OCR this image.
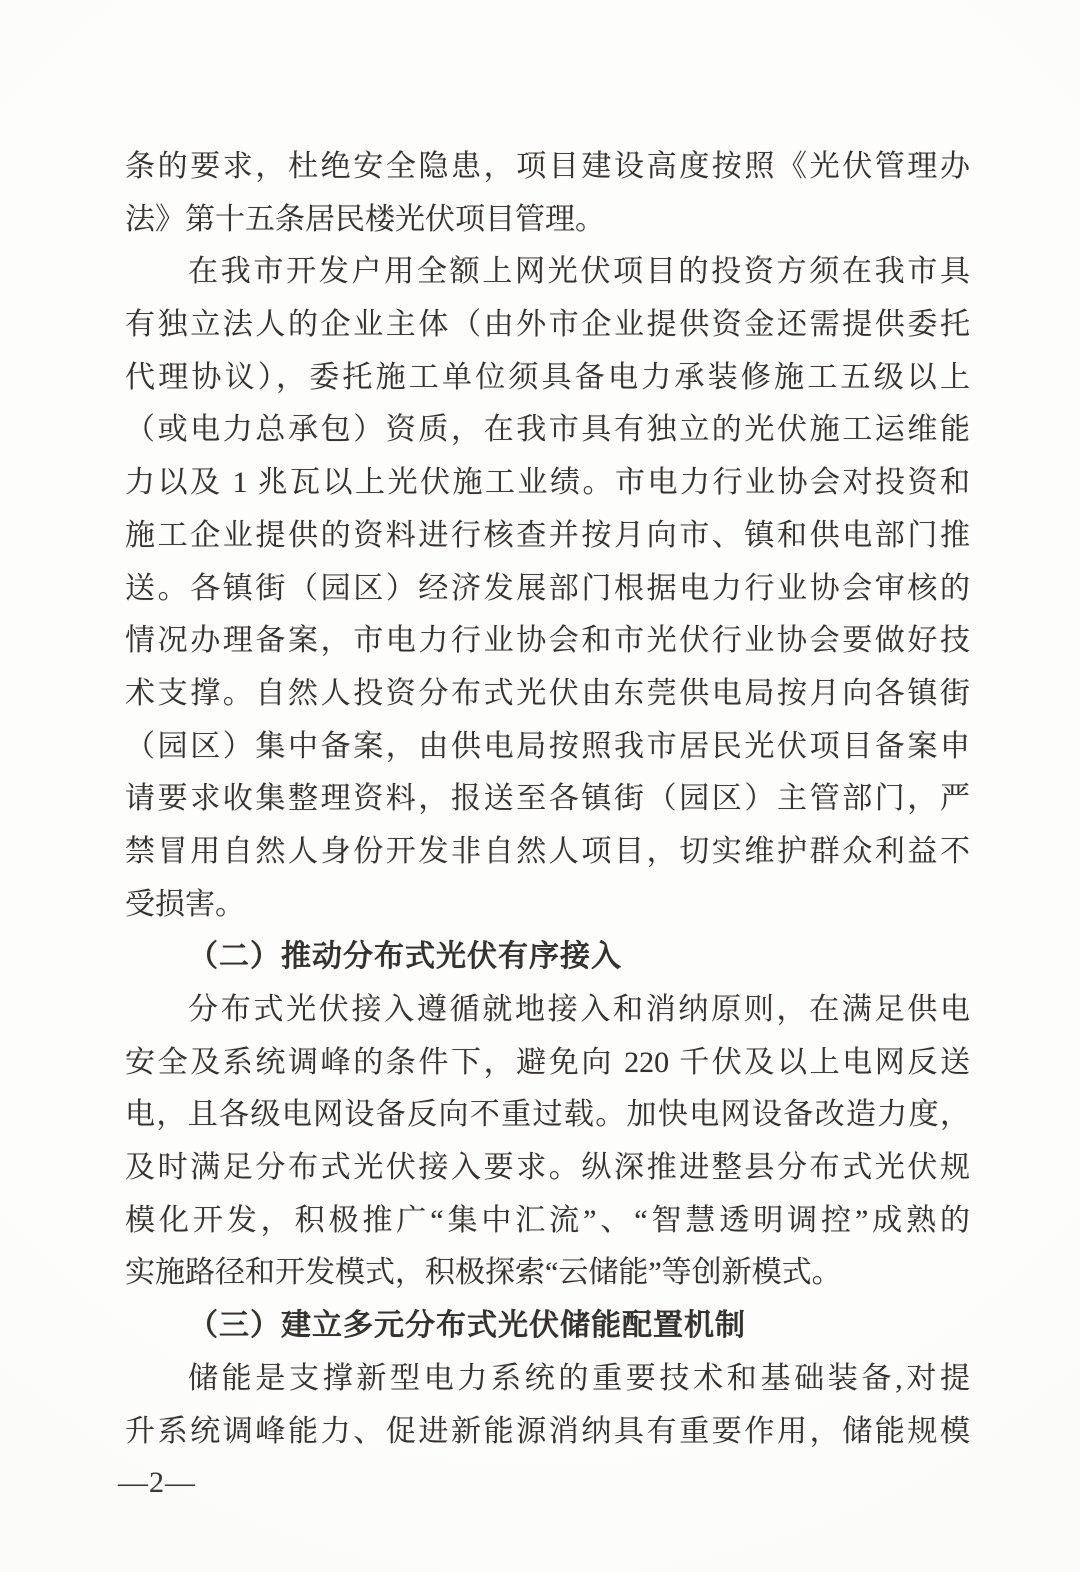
条的要求，杜绝安全隐患，项目建设高度按照《光伏管理办
法》第十五条居民楼光伏项目管理。
在我市开发户用全额上网光伏项目的投资方须在我市具
有独立法人的企业主体（由外市企业提供资金还需提供委托
代理协议），委托施工单位须具备电力承装修施工五级以上
（或电力总承包）资质，在我市具有独立的光伏施工运维能
力以及 1 兆瓦以上光伏施工业绩。市电力行业协会对投资和
施工企业提供的资料进行核查并按月向市、镇和供电部门推
送。各镇街（园区）经济发展部门根据电力行业协会审核的
情况办理备案，市电力行业协会和市光伏行业协会要做好技
术支撑。自然人投资分布式光伏由东莞供电局按月向各镇街
（园区）集中备案，由供电局按照我市居民光伏项目备案申
请要求收集整理资料，报送至各镇街（园区）主管部门，严
禁冒用自然人身份开发非自然人项目，切实维护群众利益不
受损害。
（二）推动分布式光伏有序接入
分布式光伏接入遵循就地接入和消纳原则，在满足供电
安全及系统调峰的条件下，避免向 220 千伏及以上电网反送
电，且各级电网设备反向不重过载。加快电网设备改造力度，
及时满足分布式光伏接入要求。纵深推进整县分布式光伏规
模化开发，积极推广“集中汇流”、“智慧透明调控”成熟的
实施路径和开发模式，积极探索“云储能”等创新模式。
（三）建立多元分布式光伏储能配置机制
储能是支撑新型电力系统的重要技术和基础装备,对提
升系统调峰能力、促进新能源消纳具有重要作用，储能规模
—2—
